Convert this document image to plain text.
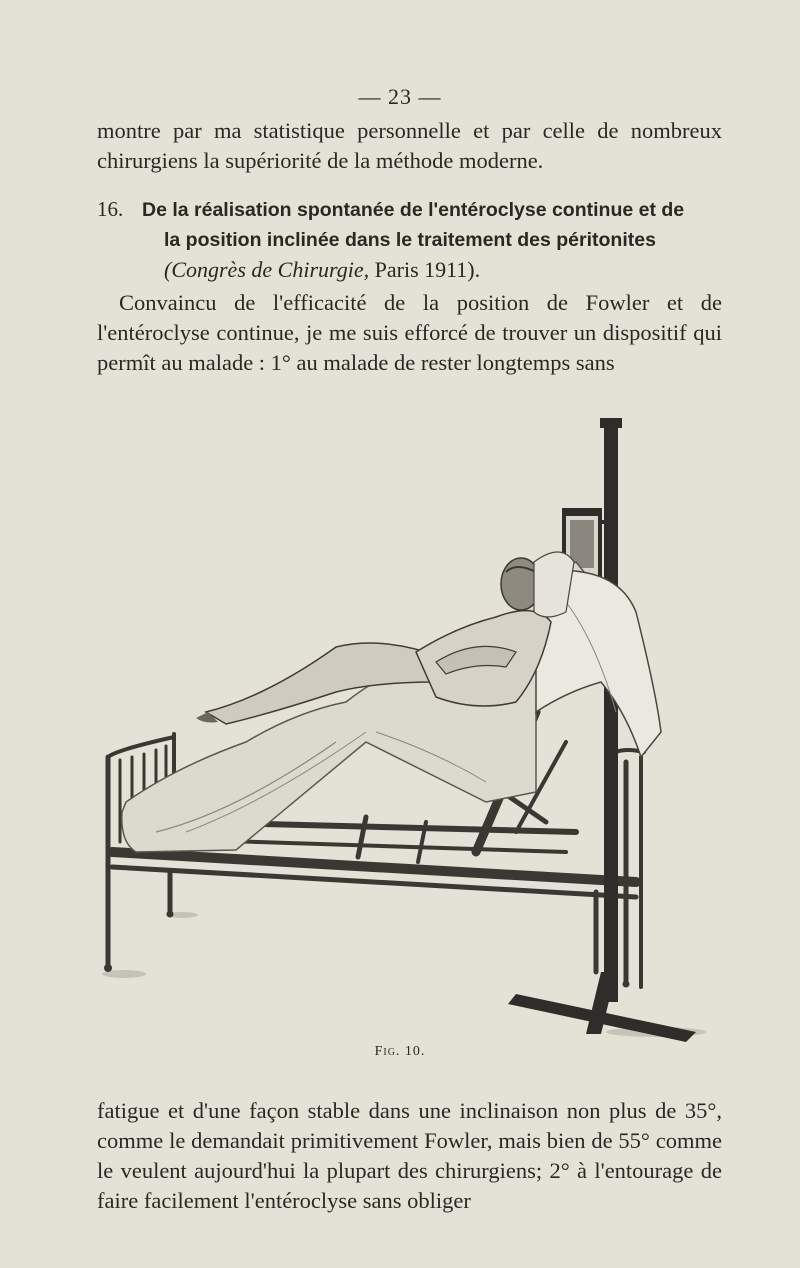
— 23 —

montre par ma statistique personnelle et par celle de nombreux chirurgiens la supériorité de la méthode moderne.

16. De la réalisation spontanée de l'entéroclyse continue et de
la position inclinée dans le traitement des péritonites
(Congrès de Chirurgie, Paris 1911).

Convaincu de l'efficacité de la position de Fowler et de l'entéroclyse continue, je me suis efforcé de trouver un dispositif qui permît au malade : 1° au malade de rester longtemps sans

Fig. 10.

fatigue et d'une façon stable dans une inclinaison non plus de 35°, comme le demandait primitivement Fowler, mais bien de 55° comme le veulent aujourd'hui la plupart des chirurgiens; 2° à l'entourage de faire facilement l'entéroclyse sans obliger
